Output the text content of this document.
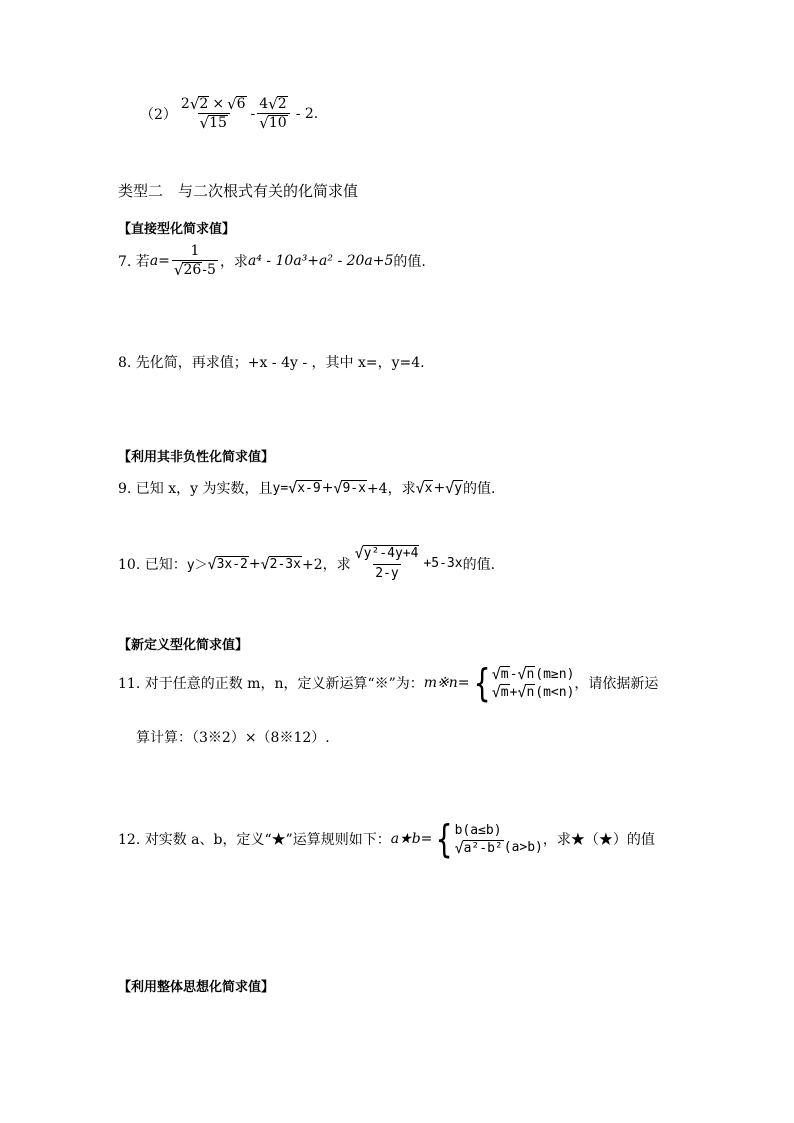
$(2) \frac{2 √ 2 \times √ 6}{√ 15} - \frac{4 √ 2}{√ 10} - 2$.
类型二　与二次根式有关的化简求值
【直接型化简求值】
7. 若 $a = \frac{1}{√ 26 -5}$ ，求 a⁴ - 10a³+a² - 20a+5 的值.
8. 先化简，再求值；+x - 4y - ，其中 x=，y=4.
【利用其非负性化简求值】
9. 已知 x，y 为实数，且 y= √ x-9 + √ 9-x +4，求 √ x + √ y 的值.
10. 已知： y＞ √ 3x-2 + √ 2-3x +2，求 $\frac{\text{√ y²-4y+4}}{2-y} +5-3x$ 的值.
【新定义型化简求值】
11. 对于任意的正数 m，n，定义新运算“※”为： m※n= { √ m - √ n (m≥n)
√ m + √ n (m<n) ，请依据新运
算计算：（3※2）×（8※12）.
12. 对实数 a、b，定义“★”运算规则如下： a★b= { b(a≤b)
√ a²-b² (a>b) ，求★（★）的值
【利用整体思想化简求值】
